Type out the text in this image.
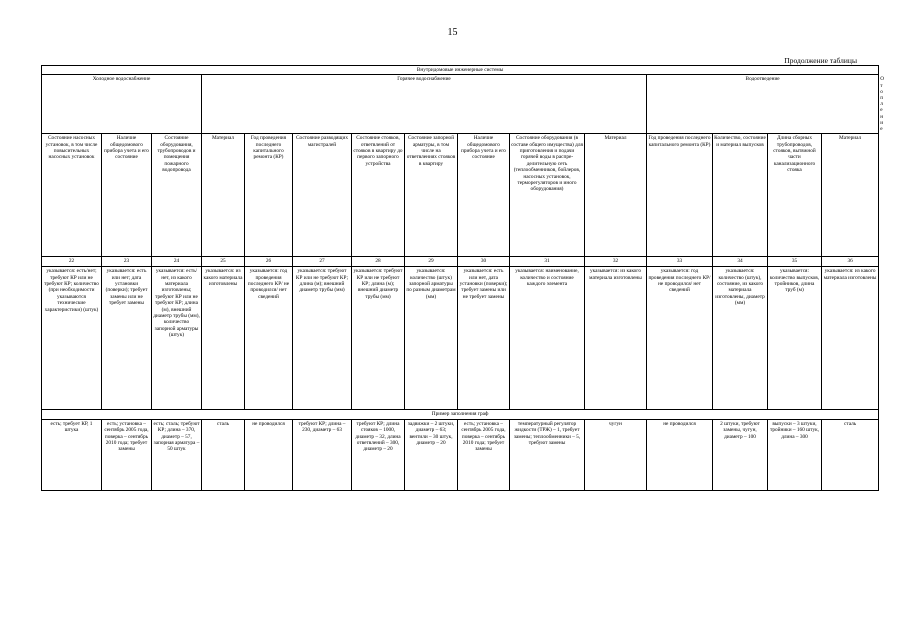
15
Продолжение таблицы
Внутридомовые инженерные системы															
Холодное водоснабжение			Горячее водоснабжение								Водоотведение				Отопление
Состояние насосных установок, в том числе повысительных насосных установок	Наличие общедомового прибора учета и его состояние	Состояние оборудования, трубопроводов и помещения пожарного водопровода	Материал	Год проведения последнего капитального ремонта (КР)	Состояние разводящих магистралей	Состояние стояков, ответвлений от стояков в квартиру до первого запорного устройства	Состояние запорной арматуры, в том числе на ответвлениях стояков в квартиру	Наличие общедомового прибора учета и его состояние	Состояние оборудования (в составе общего имущества) для приготовления и подачи горячей воды в распре-делительную сеть (теплообменников, бойлеров, насосных установок, терморегуляторов и иного оборудования)	Материал	Год проведения последнего капитального ремонта (КР)	Количество, состояние и материал выпусков	Длина сборных трубопроводов, стояков, вытяжной части канализационного стояка	Материал	
22	23	24	25	26	27	28	29	30	31	32	33	34	35	36	
указывается: есть/нет; требуют КР или не требуют КР; количество (при необходимости указываются технические характеристики) (штук)	указывается: есть или нет; дата установки (поверки); требует замены или не требует замены	указывается: есть/нет, из какого материала изготовлены; требуют КР или не требуют КР; длина (м), внешний диаметр трубы (мм), количество запорной арматуры (штук)	указывается: из какого материала изготовлены	указывается: год проведения последнего КР/ не проводился/ нет сведений	указывается: требуют КР или не требуют КР; длина (м); внешний диаметр трубы (мм)	указывается: требуют КР или не требуют КР; длина (м); внешний диаметр трубы (мм)	указывается: количество (штук) запорной арматуры по разным диаметрам (мм)	указывается: есть или нет, дата установки (поверки); требует замены или не требует замены	указывается: наименование, количество и состояние каждого элемента	указывается: из какого материала изготовлены	указывается: год проведения последнего КР/ не проводился/ нет сведений	указывается: количество (штук), состояние, из какого материала изготовлены, диаметр (мм)	указывается: количество выпусков, тройников, длина труб (м)	указывается: из какого материала изготовлены	
Пример заполнения граф															
есть; требует КР, 1 штука	есть; установка – сентябрь 2005 года, поверка – сентябрь 2010 года; требует замены	есть; сталь; требуют КР; длина – 370, диаметр – 57, запорная арматура – 50 штук	сталь	не проводился	требуют КР; длина – 230, диаметр – 63	требуют КР; длина стояков – 1000, диаметр – 32, длина ответвлений – 300, диаметр – 20	задвижки – 2 штуки, диаметр – 63; вентили – 30 штук, диаметр – 20	есть; установка – сентябрь 2005 года, поверка – сентябрь 2010 года; требует замены	температурный регулятор жидкости (ТРЖ) – 1, требует замены; теплообменники – 5, требуют замены	чугун	не проводился	2 штуки, требуют замены, чугун, диаметр – 100	выпуски – 3 штуки, тройники – 160 штук, длина – 300	сталь	
